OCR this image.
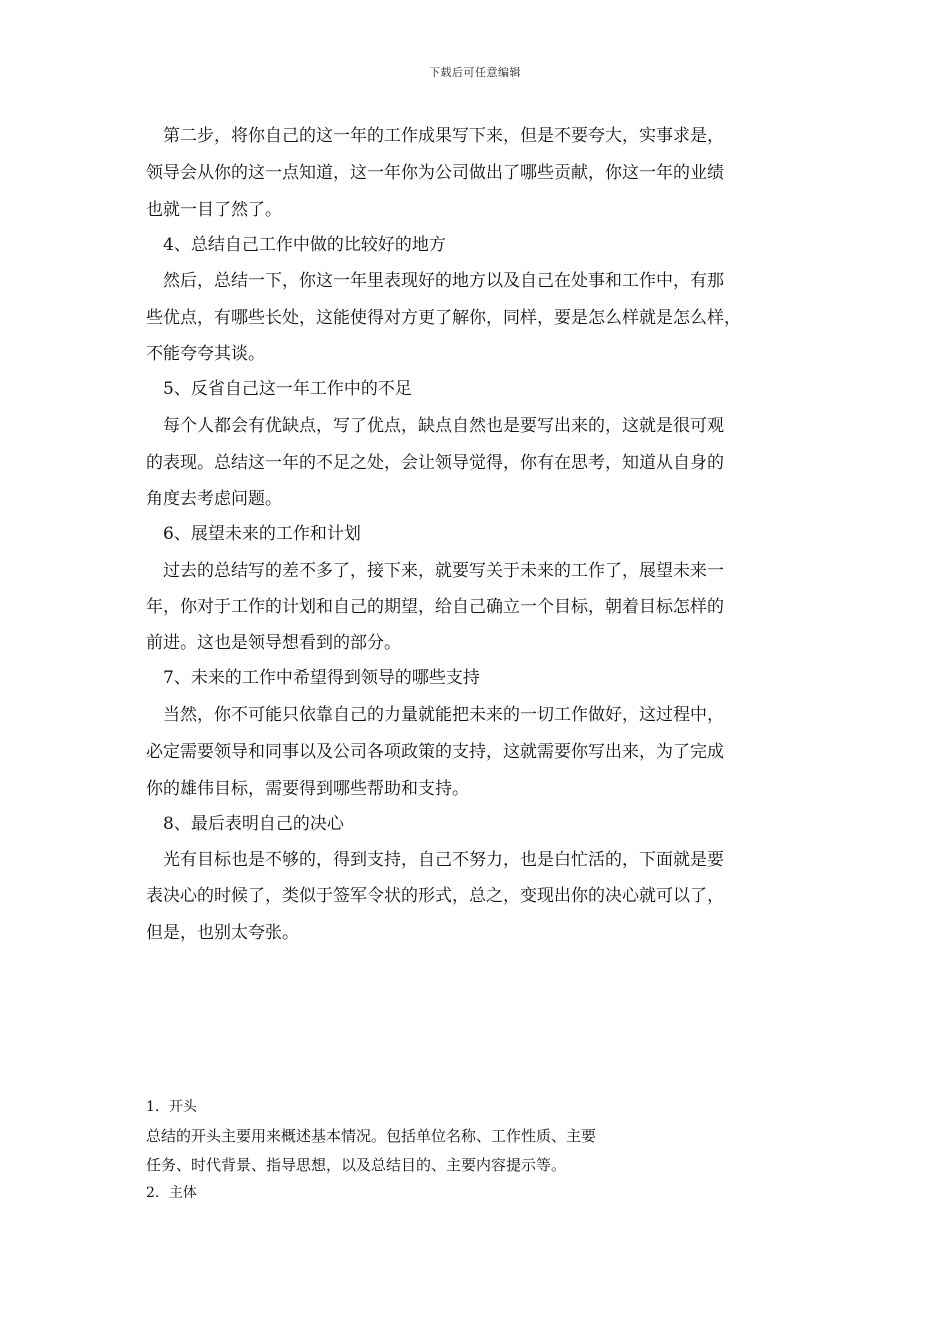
下载后可任意编辑
第二步，将你自己的这一年的工作成果写下来，但是不要夸大，实事求是，
领导会从你的这一点知道，这一年你为公司做出了哪些贡献，你这一年的业绩
也就一目了然了。
4、总结自己工作中做的比较好的地方
然后，总结一下，你这一年里表现好的地方以及自己在处事和工作中，有那
些优点，有哪些长处，这能使得对方更了解你，同样，要是怎么样就是怎么样，
不能夸夸其谈。
5、反省自己这一年工作中的不足
每个人都会有优缺点，写了优点，缺点自然也是要写出来的，这就是很可观
的表现。总结这一年的不足之处，会让领导觉得，你有在思考，知道从自身的
角度去考虑问题。
6、展望未来的工作和计划
过去的总结写的差不多了，接下来，就要写关于未来的工作了，展望未来一
年，你对于工作的计划和自己的期望，给自己确立一个目标，朝着目标怎样的
前进。这也是领导想看到的部分。
7、未来的工作中希望得到领导的哪些支持
当然，你不可能只依靠自己的力量就能把未来的一切工作做好，这过程中，
必定需要领导和同事以及公司各项政策的支持，这就需要你写出来，为了完成
你的雄伟目标，需要得到哪些帮助和支持。
8、最后表明自己的决心
光有目标也是不够的，得到支持，自己不努力，也是白忙活的，下面就是要
表决心的时候了，类似于签军令状的形式，总之，变现出你的决心就可以了，
但是，也别太夸张。
1．开头
总结的开头主要用来概述基本情况。包括单位名称、工作性质、主要
任务、时代背景、指导思想，以及总结目的、主要内容提示等。
2．主体
